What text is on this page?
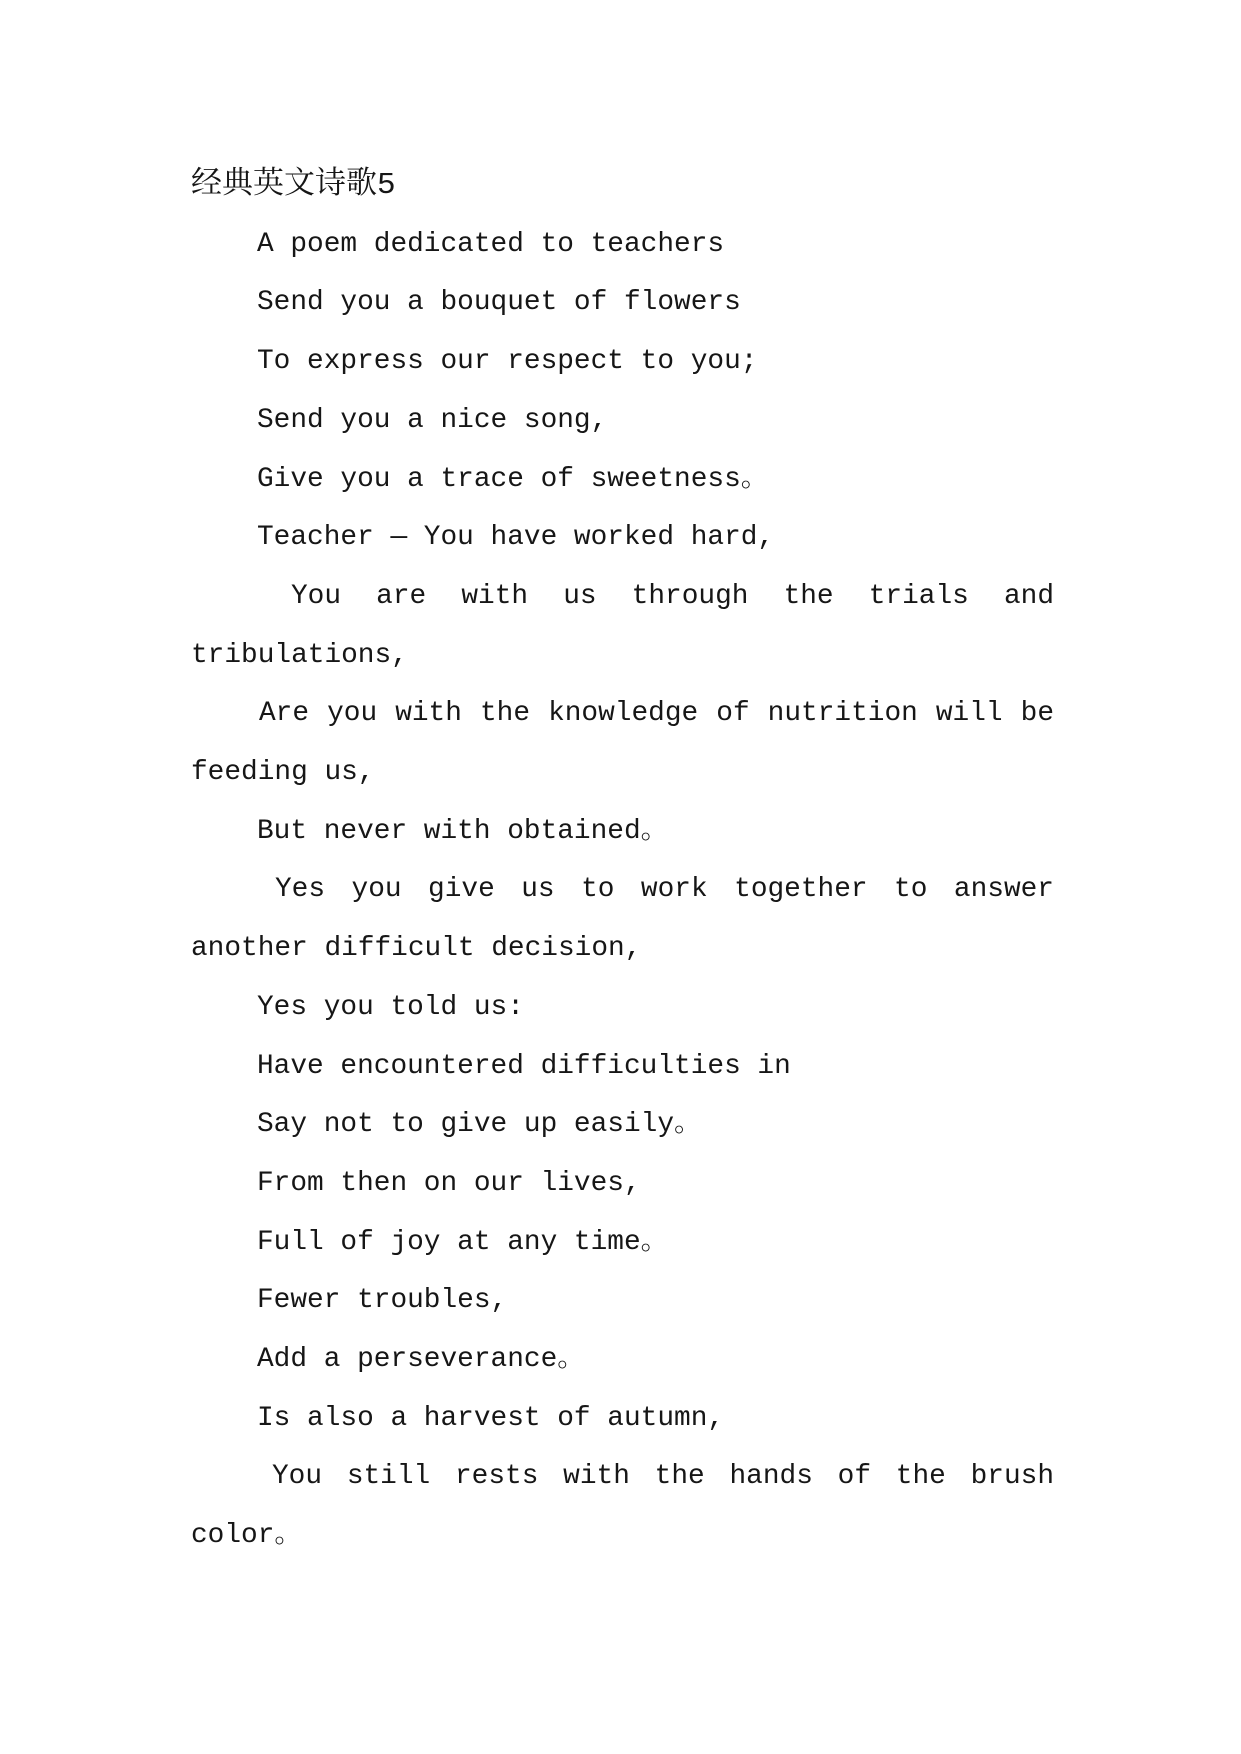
经典英文诗歌5

A poem dedicated to teachers

Send you a bouquet of flowers

To express our respect to you;

Send you a nice song,

Give you a trace of sweetness。

Teacher — You have worked hard,

You are with us through the trials and tribulations,

Are you with the knowledge of nutrition will be feeding us,

But never with obtained。

Yes you give us to work together to answer another difficult decision,

Yes you told us:

Have encountered difficulties in

Say not to give up easily。

From then on our lives,

Full of joy at any time。

Fewer troubles,

Add a perseverance。

Is also a harvest of autumn,

You still rests with the hands of the brush color。
